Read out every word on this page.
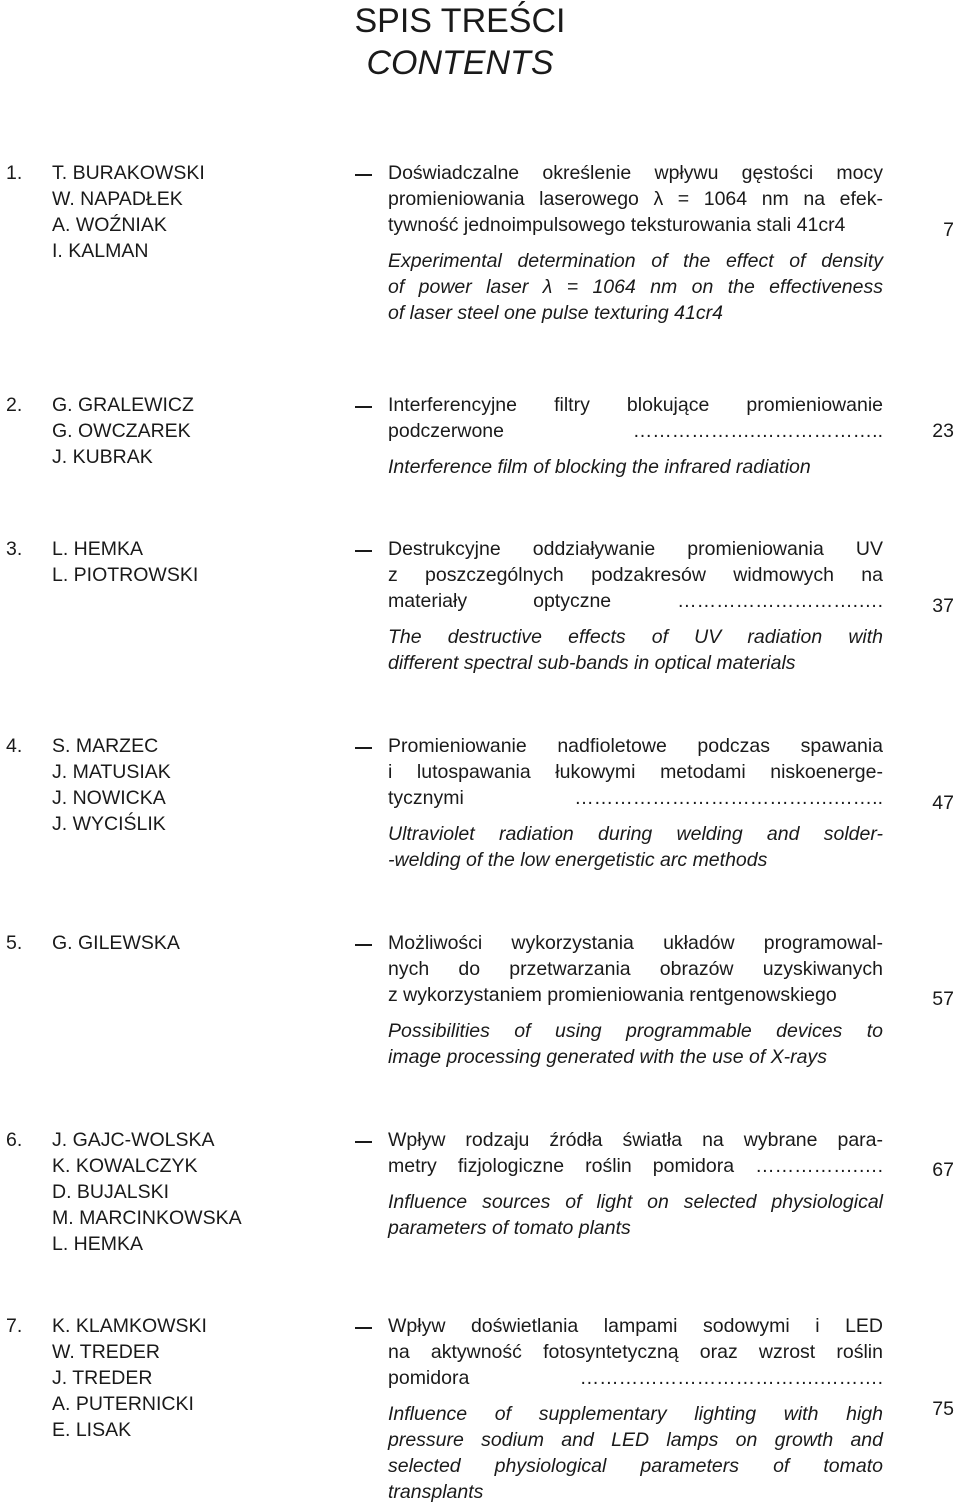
SPIS TREŚCI
CONTENTS
1. T. BURAKOWSKI
W. NAPADŁEK
A. WOŹNIAK
I. KALMAN
Doświadczalne określenie wpływu gęstości mocy
promieniowania laserowego λ = 1064 nm na efek-
tywność jednoimpulsowego teksturowania stali 41cr4
Experimental determination of the effect of density
of power laser λ = 1064 nm on the effectiveness
of laser steel one pulse texturing 41cr4
7
2. G. GRALEWICZ
G. OWCZAREK
J. KUBRAK
Interferencyjne filtry blokujące promieniowanie
podczerwone ……………….………………..
Interference film of blocking the infrared radiation
23
3. L. HEMKA
L. PIOTROWSKI
Destrukcyjne oddziaływanie promieniowania UV
z poszczególnych podzakresów widmowych na
materiały optyczne ……………………….….
The destructive effects of UV radiation with
different spectral sub-bands in optical materials
37
4. S. MARZEC
J. MATUSIAK
J. NOWICKA
J. WYCIŚLIK
Promieniowanie nadfioletowe podczas spawania
i lutospawania łukowymi metodami niskoenerge-
tycznymi ………………………………….……..
Ultraviolet radiation during welding and solder-
-welding of the low energetistic arc methods
47
5. G. GILEWSKA	Możliwości wykorzystania układów programowal-
nych do przetwarzania obrazów uzyskiwanych
z wykorzystaniem promieniowania rentgenowskiego
Possibilities of using programmable devices to
image processing generated with the use of X-rays
57
6. J. GAJC-WOLSKA
K. KOWALCZYK
D. BUJALSKI
M. MARCINKOWSKA
L. HEMKA
Wpływ rodzaju źródła światła na wybrane para-
metry fizjologiczne roślin pomidora …………….….
Influence sources of light on selected physiological
parameters of tomato plants
67
7. K. KLAMKOWSKI
W. TREDER
J. TREDER
A. PUTERNICKI
E. LISAK
Wpływ doświetlania lampami sodowymi i LED
na aktywność fotosyntetyczną oraz wzrost roślin
pomidora ……………………………….……….
Influence of supplementary lighting with high
pressure sodium and LED lamps on growth and
selected physiological parameters of tomato
transplants
75
